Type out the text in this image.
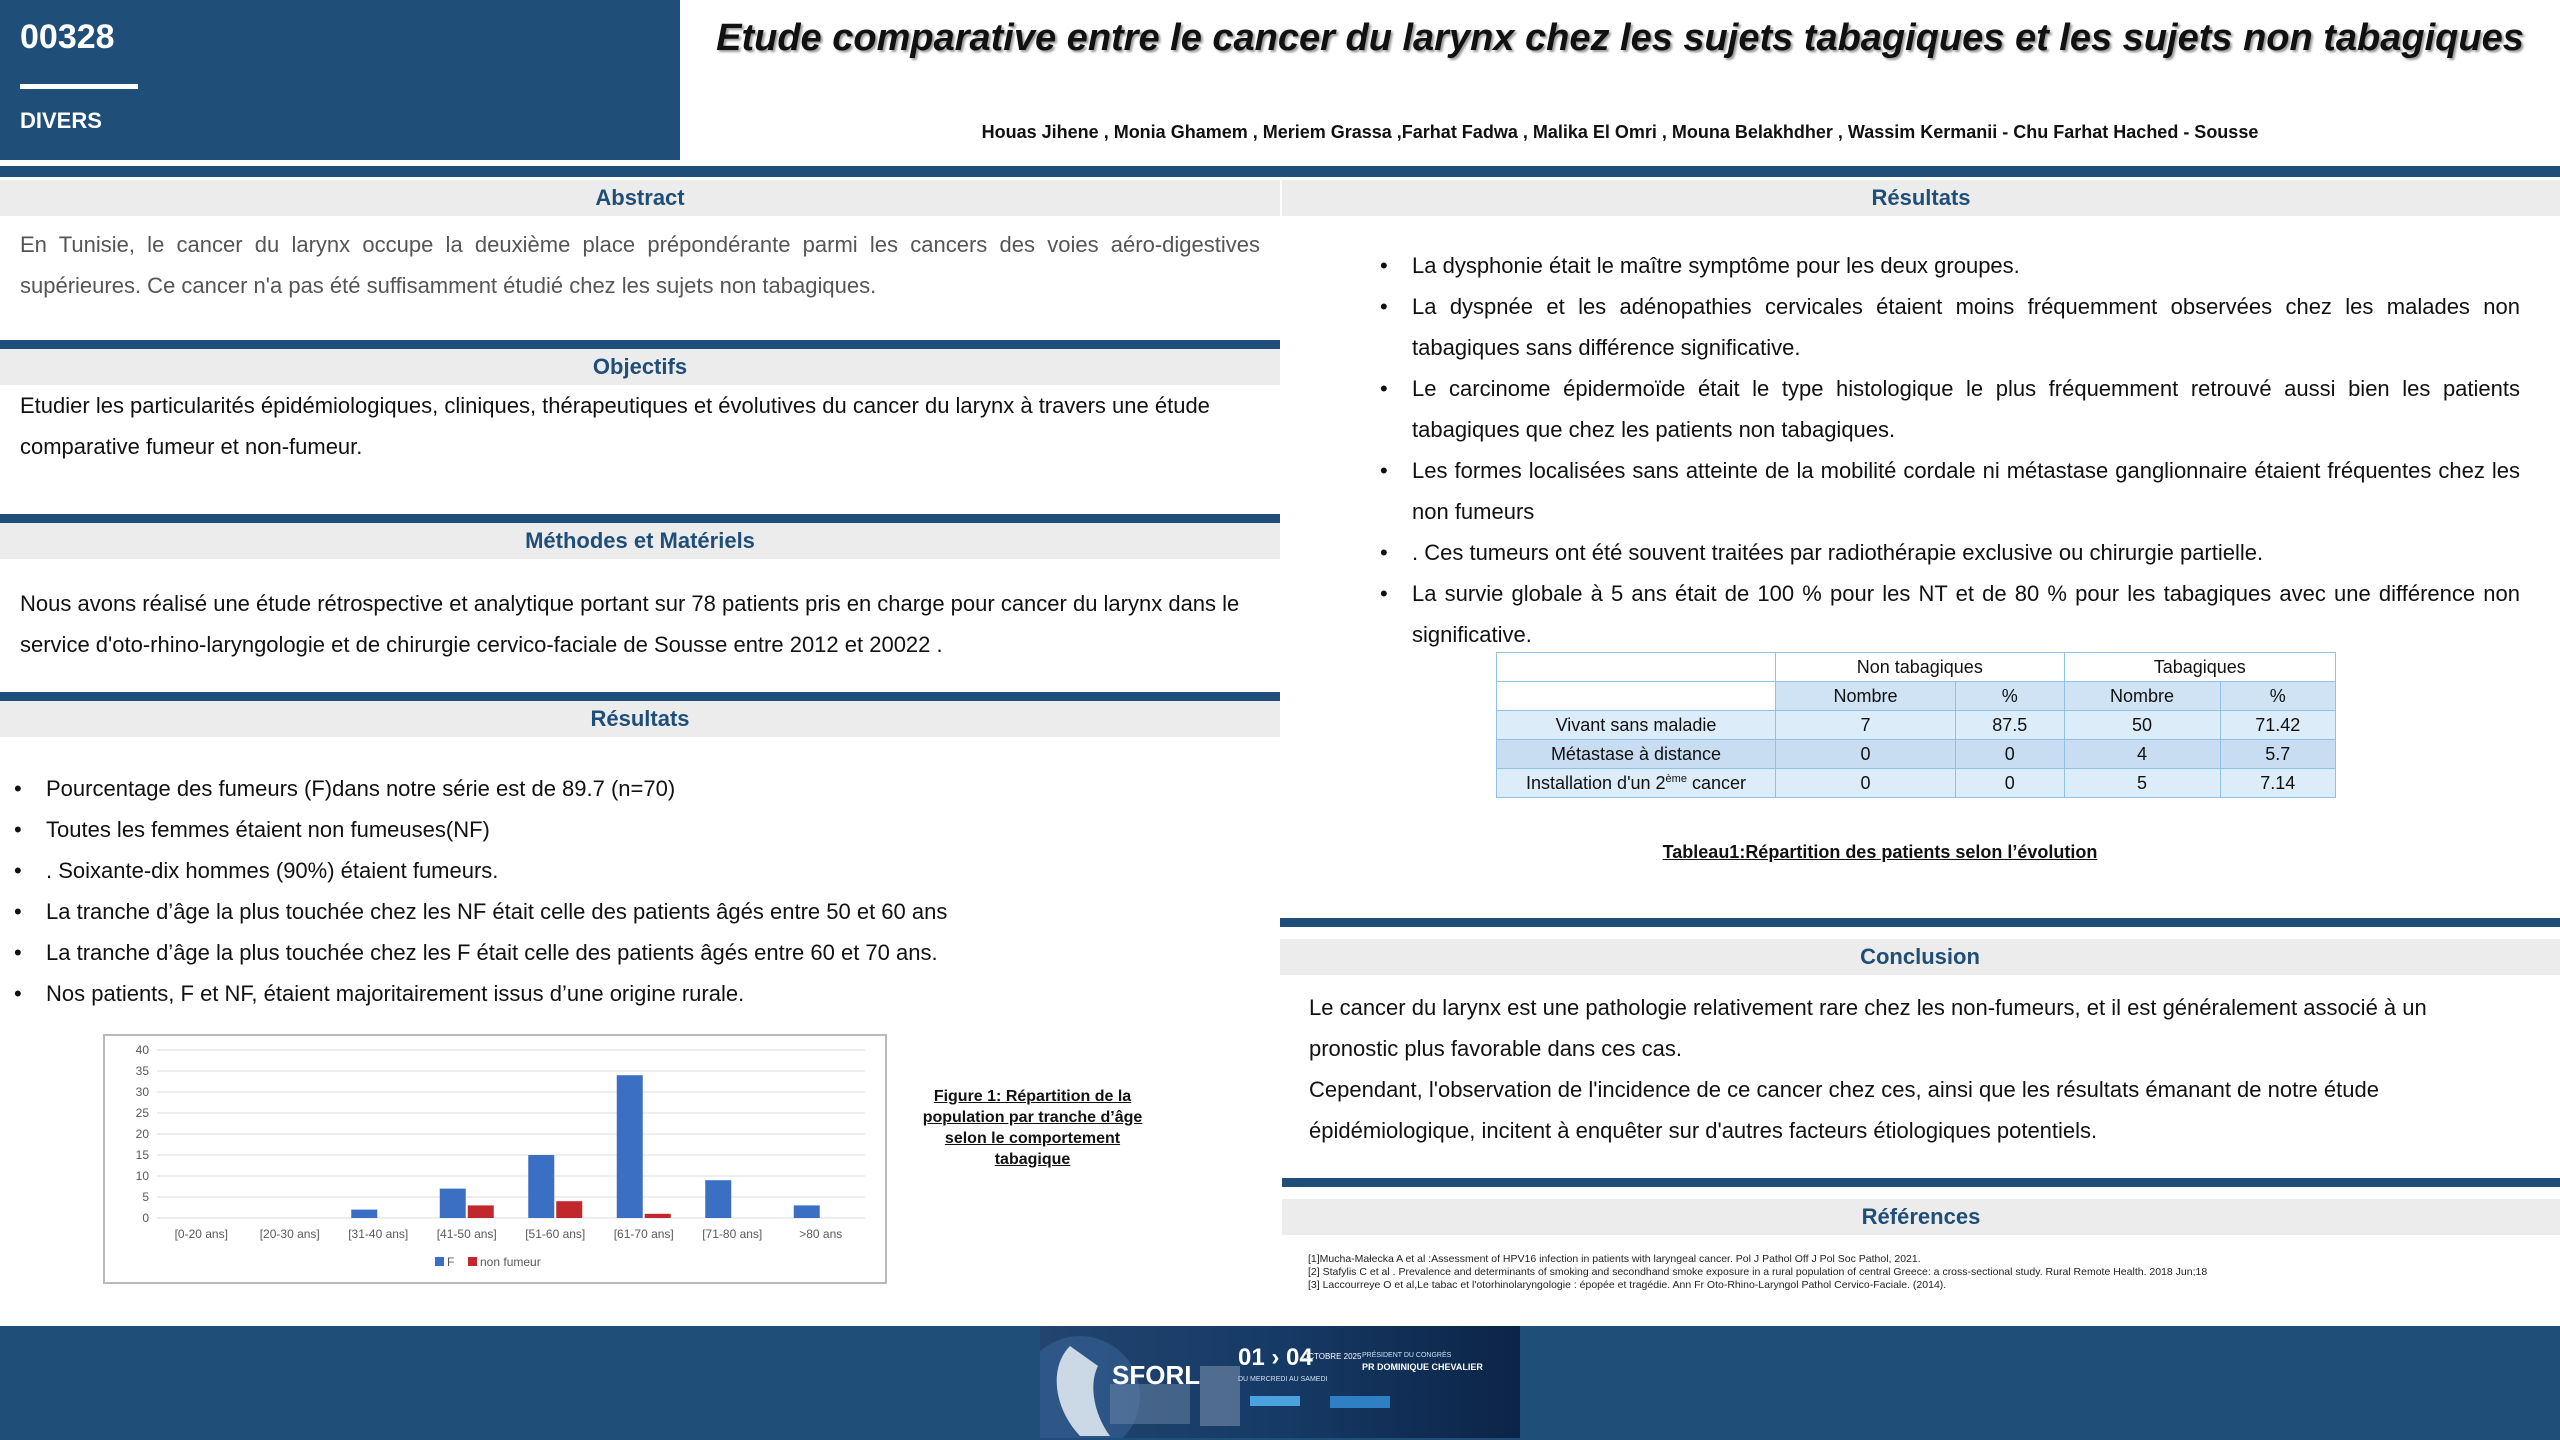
00328
DIVERS
Etude comparative entre le cancer du larynx chez les sujets tabagiques et les sujets non tabagiques
Houas Jihene , Monia Ghamem , Meriem Grassa ,Farhat Fadwa , Malika El Omri , Mouna Belakhdher , Wassim Kermanii - Chu Farhat Hached - Sousse
Abstract
En Tunisie, le cancer du larynx occupe la deuxième place prépondérante parmi les cancers des voies aéro-digestives supérieures. Ce cancer n'a pas été suffisamment étudié chez les sujets non tabagiques.
Objectifs
Etudier les particularités épidémiologiques, cliniques, thérapeutiques et évolutives du cancer du larynx à travers une étude comparative fumeur et non-fumeur.
Méthodes et Matériels
Nous avons réalisé une étude rétrospective et analytique portant sur 78 patients pris en charge pour cancer du larynx dans le service d'oto-rhino-laryngologie et de chirurgie cervico-faciale de Sousse entre 2012 et 20022 .
Résultats
• Pourcentage des fumeurs (F)dans notre série est de 89.7 (n=70)
• Toutes les femmes étaient non fumeuses(NF)
• . Soixante-dix hommes (90%) étaient fumeurs.
• La tranche d’âge la plus touchée chez les NF était celle des patients âgés entre 50 et 60 ans
• La tranche d’âge la plus touchée chez les F était celle des patients âgés entre 60 et 70 ans.
• Nos patients, F et NF, étaient majoritairement issus d’une origine rurale.
0
5
10
15
20
25
30
35
40
[0-20 ans]	[20-30 ans] [31-40 ans] [41-50 ans] [51-60 ans] [61-70 ans] [71-80 ans]	>80 ans
F non fumeur
Figure 1: Répartition de la population par tranche d’âge selon le comportement tabagique
Résultats
• La dysphonie était le maître symptôme pour les deux groupes.
• La dyspnée et les adénopathies cervicales étaient moins fréquemment observées chez les malades non tabagiques sans différence significative.
• Le carcinome épidermoïde était le type histologique le plus fréquemment retrouvé aussi bien les patients tabagiques que chez les patients non tabagiques.
• Les formes localisées sans atteinte de la mobilité cordale ni métastase ganglionnaire étaient fréquentes chez les non fumeurs
• . Ces tumeurs ont été souvent traitées par radiothérapie exclusive ou chirurgie partielle.
• La survie globale à 5 ans était de 100 % pour les NT et de 80 % pour les tabagiques avec une différence non significative.
	Non tabagiques		Tabagiques	
	Nombre	%	Nombre	%
Vivant sans maladie	7	87.5	50	71.42
Métastase à distance	0	0	4	5.7
Installation d'un 2ème cancer	0	0	5	7.14
Tableau1:Répartition des patients selon l’évolution
Conclusion
Le cancer du larynx est une pathologie relativement rare chez les non-fumeurs, et il est généralement associé à un pronostic plus favorable dans ces cas.
Cependant, l'observation de l'incidence de ce cancer chez ces, ainsi que les résultats émanant de notre étude épidémiologique, incitent à enquêter sur d'autres facteurs étiologiques potentiels.
Références
[1]Mucha-Małecka A et al :Assessment of HPV16 infection in patients with laryngeal cancer. Pol J Pathol Off J Pol Soc Pathol, 2021.
[2] Stafylis C et al . Prevalence and determinants of smoking and secondhand smoke exposure in a rural population of central Greece: a cross-sectional study. Rural Remote Health. 2018 Jun;18
[3] Laccourreye O et al,Le tabac et l'otorhinolaryngologie : épopée et tragédie. Ann Fr Oto-Rhino-Laryngol Pathol Cervico-Faciale. (2014).
SFORL
01 › 04
OCTOBRE 2025
DU MERCREDI AU SAMEDI
PRÉSIDENT DU CONGRÈS
PR DOMINIQUE CHEVALIER
